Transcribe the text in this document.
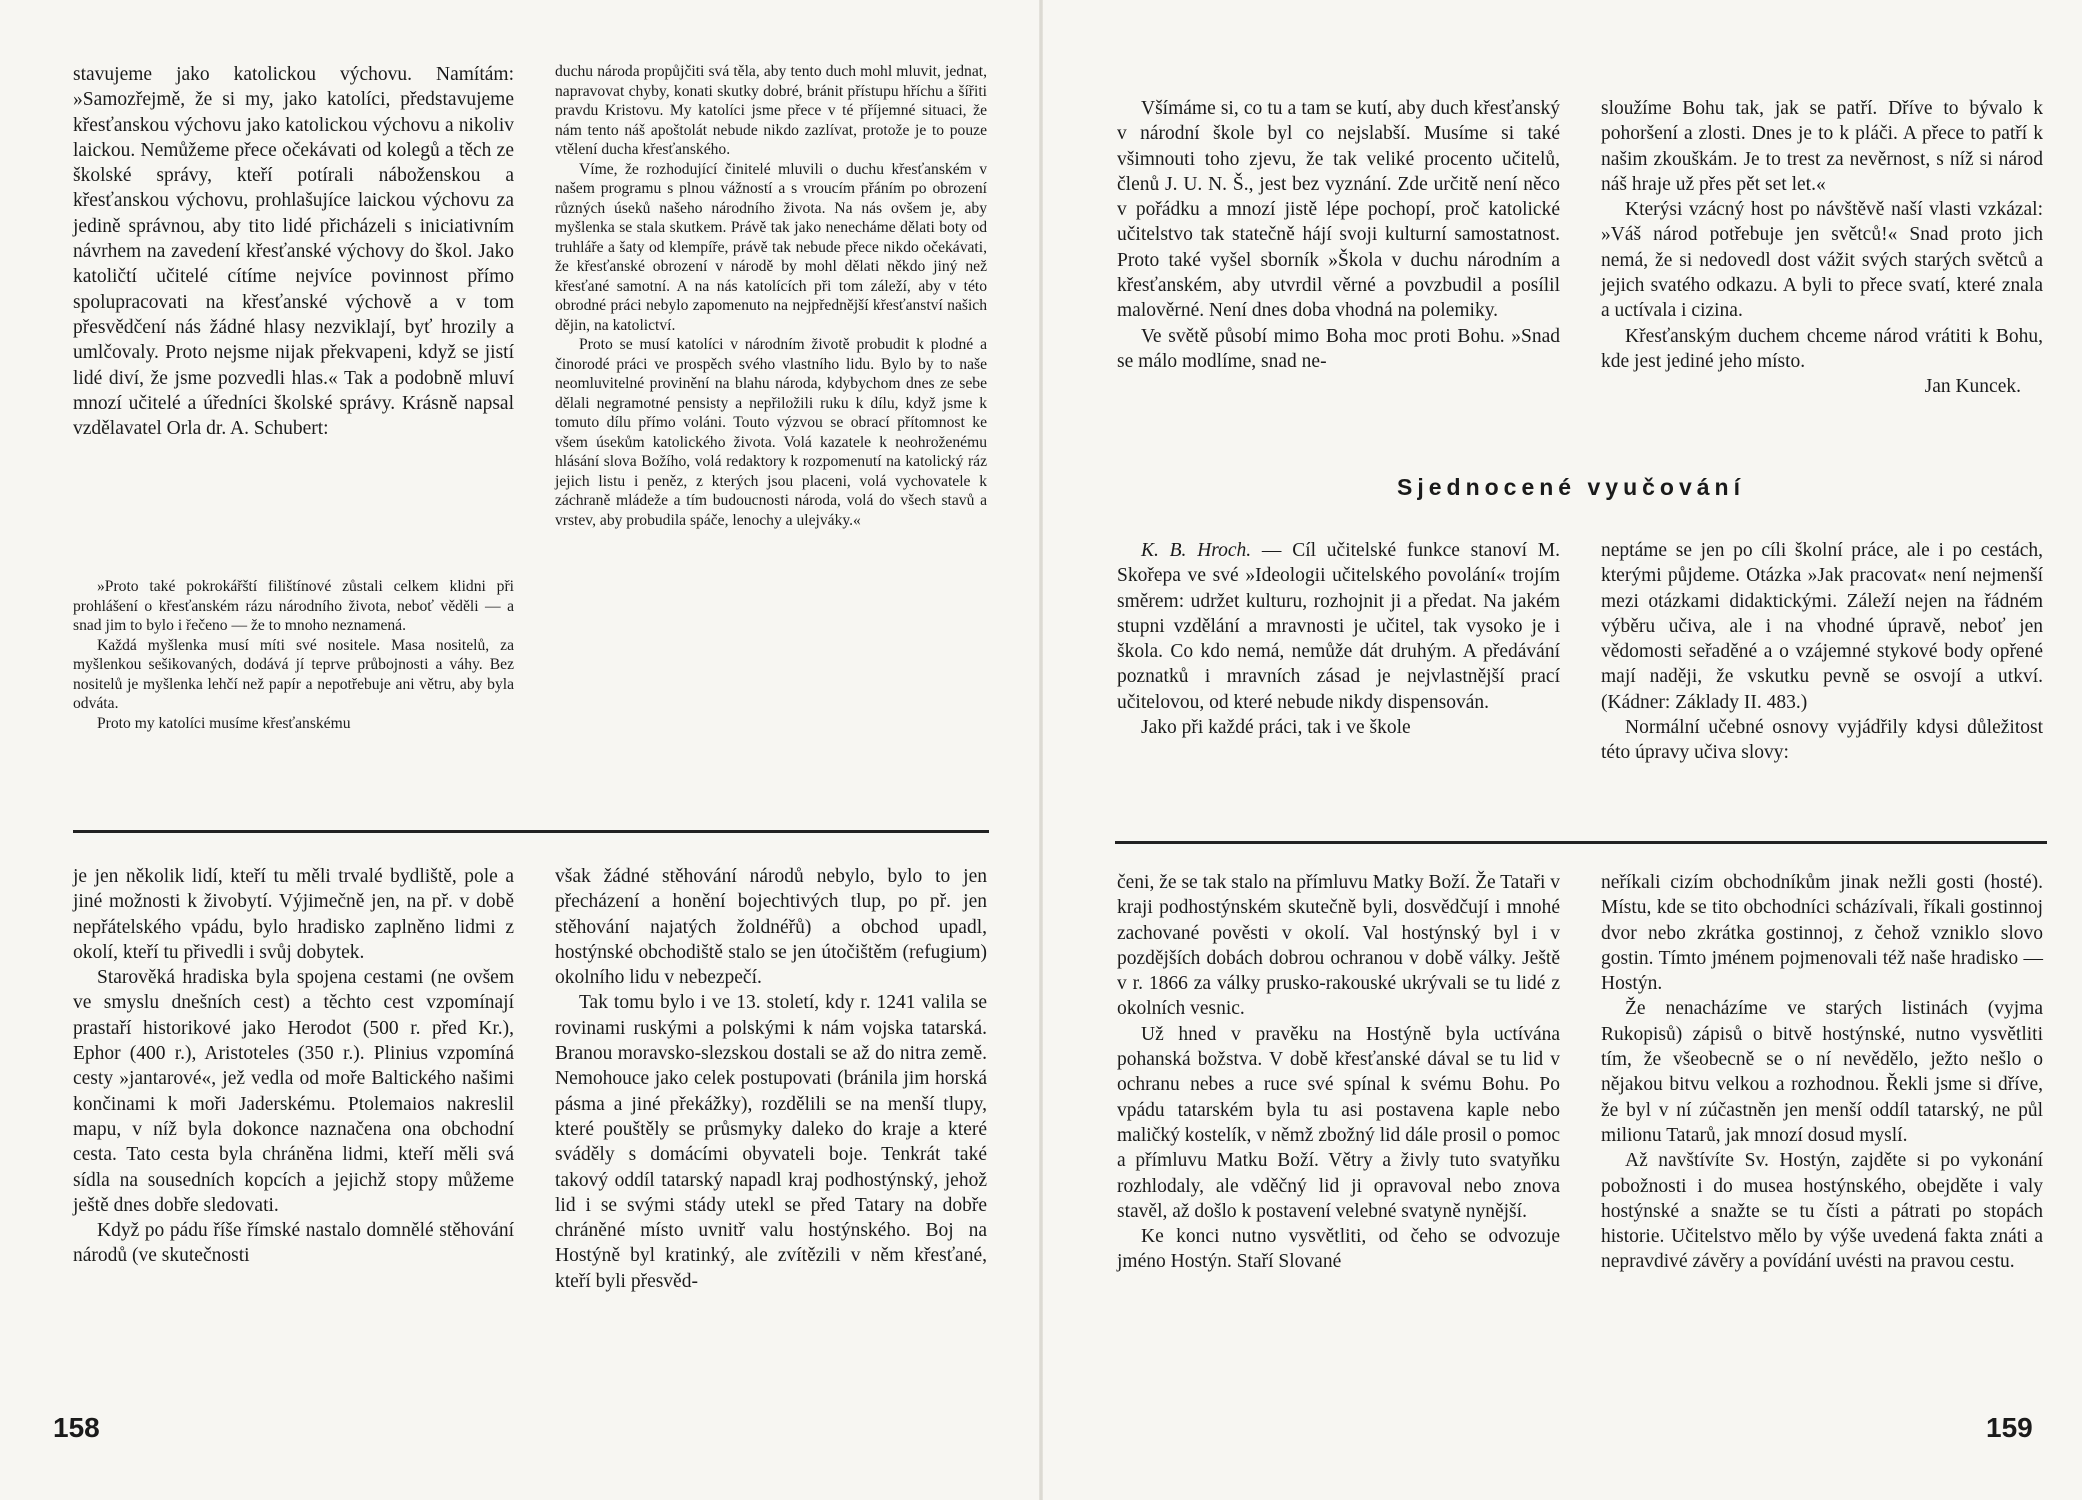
stavujeme jako katolickou výchovu. Namítám: »Samozřejmě, že si my, jako katolíci, představujeme křesťanskou výchovu jako katolickou výchovu a nikoliv laickou. Nemůžeme přece očekávati od kolegů a těch ze školské správy, kteří potírali náboženskou a křesťanskou výchovu, prohlašujíce laickou výchovu za jedině správnou, aby tito lidé přicházeli s iniciativním návrhem na zavedení křesťanské výchovy do škol. Jako katoličtí učitelé cítíme nejvíce povinnost přímo spolupracovati na křesťanské výchově a v tom přesvědčení nás žádné hlasy nezviklají, byť hrozily a umlčovaly. Proto nejsme nijak překvapeni, když se jistí lidé diví, že jsme pozvedli hlas.« Tak a podobně mluví mnozí učitelé a úředníci školské správy. Krásně napsal vzdělavatel Orla dr. A. Schubert:

»Proto také pokrokářští filištínové zůstali celkem klidni při prohlášení o křesťanském rázu národního života, neboť věděli — a snad jim to bylo i řečeno — že to mnoho neznamená.

Každá myšlenka musí míti své nositele. Masa nositelů, za myšlenkou sešikovaných, dodává jí teprve průbojnosti a váhy. Bez nositelů je myšlenka lehčí než papír a nepotřebuje ani větru, aby byla odváta.

Proto my katolíci musíme křesťanskému

duchu národa propůjčiti svá těla, aby tento duch mohl mluvit, jednat, napravovat chyby, konati skutky dobré, bránit přístupu hříchu a šířiti pravdu Kristovu. My katolíci jsme přece v té příjemné situaci, že nám tento náš apoštolát nebude nikdo zazlívat, protože je to pouze vtělení ducha křesťanského.

Víme, že rozhodující činitelé mluvili o duchu křesťanském v našem programu s plnou vážností a s vroucím přáním po obrození různých úseků našeho národního života. Na nás ovšem je, aby myšlenka se stala skutkem. Právě tak jako nenecháme dělati boty od truhláře a šaty od klempíře, právě tak nebude přece nikdo očekávati, že křesťanské obrození v národě by mohl dělati někdo jiný než křesťané samotní. A na nás katolících při tom záleží, aby v této obrodné práci nebylo zapomenuto na nejpřednější křesťanství našich dějin, na katolictví.

Proto se musí katolíci v národním životě probudit k plodné a činorodé práci ve prospěch svého vlastního lidu. Bylo by to naše neomluvitelné provinění na blahu národa, kdybychom dnes ze sebe dělali negramotné pensisty a nepřiložili ruku k dílu, když jsme k tomuto dílu přímo voláni. Touto výzvou se obrací přítomnost ke všem úsekům katolického života. Volá kazatele k neohroženému hlásání slova Božího, volá redaktory k rozpomenutí na katolický ráz jejich listu i peněz, z kterých jsou placeni, volá vychovatele k záchraně mládeže a tím budoucnosti národa, volá do všech stavů a vrstev, aby probudila spáče, lenochy a ulejváky.«

je jen několik lidí, kteří tu měli trvalé bydliště, pole a jiné možnosti k živobytí. Výjimečně jen, na př. v době nepřátelského vpádu, bylo hradisko zaplněno lidmi z okolí, kteří tu přivedli i svůj dobytek.

Starověká hradiska byla spojena cestami (ne ovšem ve smyslu dnešních cest) a těchto cest vzpomínají prastaří historikové jako Herodot (500 r. před Kr.), Ephor (400 r.), Aristoteles (350 r.). Plinius vzpomíná cesty »jantarové«, jež vedla od moře Baltického našimi končinami k moři Jaderskému. Ptolemaios nakreslil mapu, v níž byla dokonce naznačena ona obchodní cesta. Tato cesta byla chráněna lidmi, kteří měli svá sídla na sousedních kopcích a jejichž stopy můžeme ještě dnes dobře sledovati.

Když po pádu říše římské nastalo domnělé stěhování národů (ve skutečnosti

však žádné stěhování národů nebylo, bylo to jen přecházení a honění bojechtivých tlup, po př. jen stěhování najatých žoldnéřů) a obchod upadl, hostýnské obchodiště stalo se jen útočištěm (refugium) okolního lidu v nebezpečí.

Tak tomu bylo i ve 13. století, kdy r. 1241 valila se rovinami ruskými a polskými k nám vojska tatarská. Branou moravsko-slezskou dostali se až do nitra země. Nemohouce jako celek postupovati (bránila jim horská pásma a jiné překážky), rozdělili se na menší tlupy, které pouštěly se průsmyky daleko do kraje a které sváděly s domácími obyvateli boje. Tenkrát také takový oddíl tatarský napadl kraj podhostýnský, jehož lid i se svými stády utekl se před Tatary na dobře chráněné místo uvnitř valu hostýnského. Boj na Hostýně byl kratinký, ale zvítězili v něm křesťané, kteří byli přesvěd-

158

Všímáme si, co tu a tam se kutí, aby duch křesťanský v národní škole byl co nejslabší. Musíme si také všimnouti toho zjevu, že tak veliké procento učitelů, členů J. U. N. Š., jest bez vyznání. Zde určitě není něco v pořádku a mnozí jistě lépe pochopí, proč katolické učitelstvo tak statečně hájí svoji kulturní samostatnost. Proto také vyšel sborník »Škola v duchu národním a křesťanském, aby utvrdil věrné a povzbudil a posílil malověrné. Není dnes doba vhodná na polemiky.

Ve světě působí mimo Boha moc proti Bohu. »Snad se málo modlíme, snad ne-

sloužíme Bohu tak, jak se patří. Dříve to bývalo k pohoršení a zlosti. Dnes je to k pláči. A přece to patří k našim zkouškám. Je to trest za nevěrnost, s níž si národ náš hraje už přes pět set let.«

Kterýsi vzácný host po návštěvě naší vlasti vzkázal: »Váš národ potřebuje jen světců!« Snad proto jich nemá, že si nedovedl dost vážit svých starých světců a jejich svatého odkazu. A byli to přece svatí, které znala a uctívala i cizina.

Křesťanským duchem chceme národ vrátiti k Bohu, kde jest jediné jeho místo.

Jan Kuncek.

Sjednocené vyučování

K. B. Hroch. — Cíl učitelské funkce stanoví M. Skořepa ve své »Ideologii učitelského povolání« trojím směrem: udržet kulturu, rozhojnit ji a předat. Na jakém stupni vzdělání a mravnosti je učitel, tak vysoko je i škola. Co kdo nemá, nemůže dát druhým. A předávání poznatků i mravních zásad je nejvlastnější prací učitelovou, od které nebude nikdy dispensován.

Jako při každé práci, tak i ve škole

neptáme se jen po cíli školní práce, ale i po cestách, kterými půjdeme. Otázka »Jak pracovat« není nejmenší mezi otázkami didaktickými. Záleží nejen na řádném výběru učiva, ale i na vhodné úpravě, neboť jen vědomosti seřaděné a o vzájemné stykové body opřené mají naději, že vskutku pevně se osvojí a utkví. (Kádner: Základy II. 483.)

Normální učebné osnovy vyjádřily kdysi důležitost této úpravy učiva slovy:

čeni, že se tak stalo na přímluvu Matky Boží. Že Tataři v kraji podhostýnském skutečně byli, dosvědčují i mnohé zachované pověsti v okolí. Val hostýnský byl i v pozdějších dobách dobrou ochranou v době války. Ještě v r. 1866 za války prusko-rakouské ukrývali se tu lidé z okolních vesnic.

Už hned v pravěku na Hostýně byla uctívána pohanská božstva. V době křesťanské dával se tu lid v ochranu nebes a ruce své spínal k svému Bohu. Po vpádu tatarském byla tu asi postavena kaple nebo maličký kostelík, v němž zbožný lid dále prosil o pomoc a přímluvu Matku Boží. Větry a živly tuto svatyňku rozhlodaly, ale vděčný lid ji opravoval nebo znova stavěl, až došlo k postavení velebné svatyně nynější.

Ke konci nutno vysvětliti, od čeho se odvozuje jméno Hostýn. Staří Slované

neříkali cizím obchodníkům jinak nežli gosti (hosté). Místu, kde se tito obchodníci scházívali, říkali gostinnoj dvor nebo zkrátka gostinnoj, z čehož vzniklo slovo gostin. Tímto jménem pojmenovali též naše hradisko — Hostýn.

Že nenacházíme ve starých listinách (vyjma Rukopisů) zápisů o bitvě hostýnské, nutno vysvětliti tím, že všeobecně se o ní nevědělo, ježto nešlo o nějakou bitvu velkou a rozhodnou. Řekli jsme si dříve, že byl v ní zúčastněn jen menší oddíl tatarský, ne půl milionu Tatarů, jak mnozí dosud myslí.

Až navštívíte Sv. Hostýn, zajděte si po vykonání pobožnosti i do musea hostýnského, obejděte i valy hostýnské a snažte se tu čísti a pátrati po stopách historie. Učitelstvo mělo by výše uvedená fakta znáti a nepravdivé závěry a povídání uvésti na pravou cestu.

159
